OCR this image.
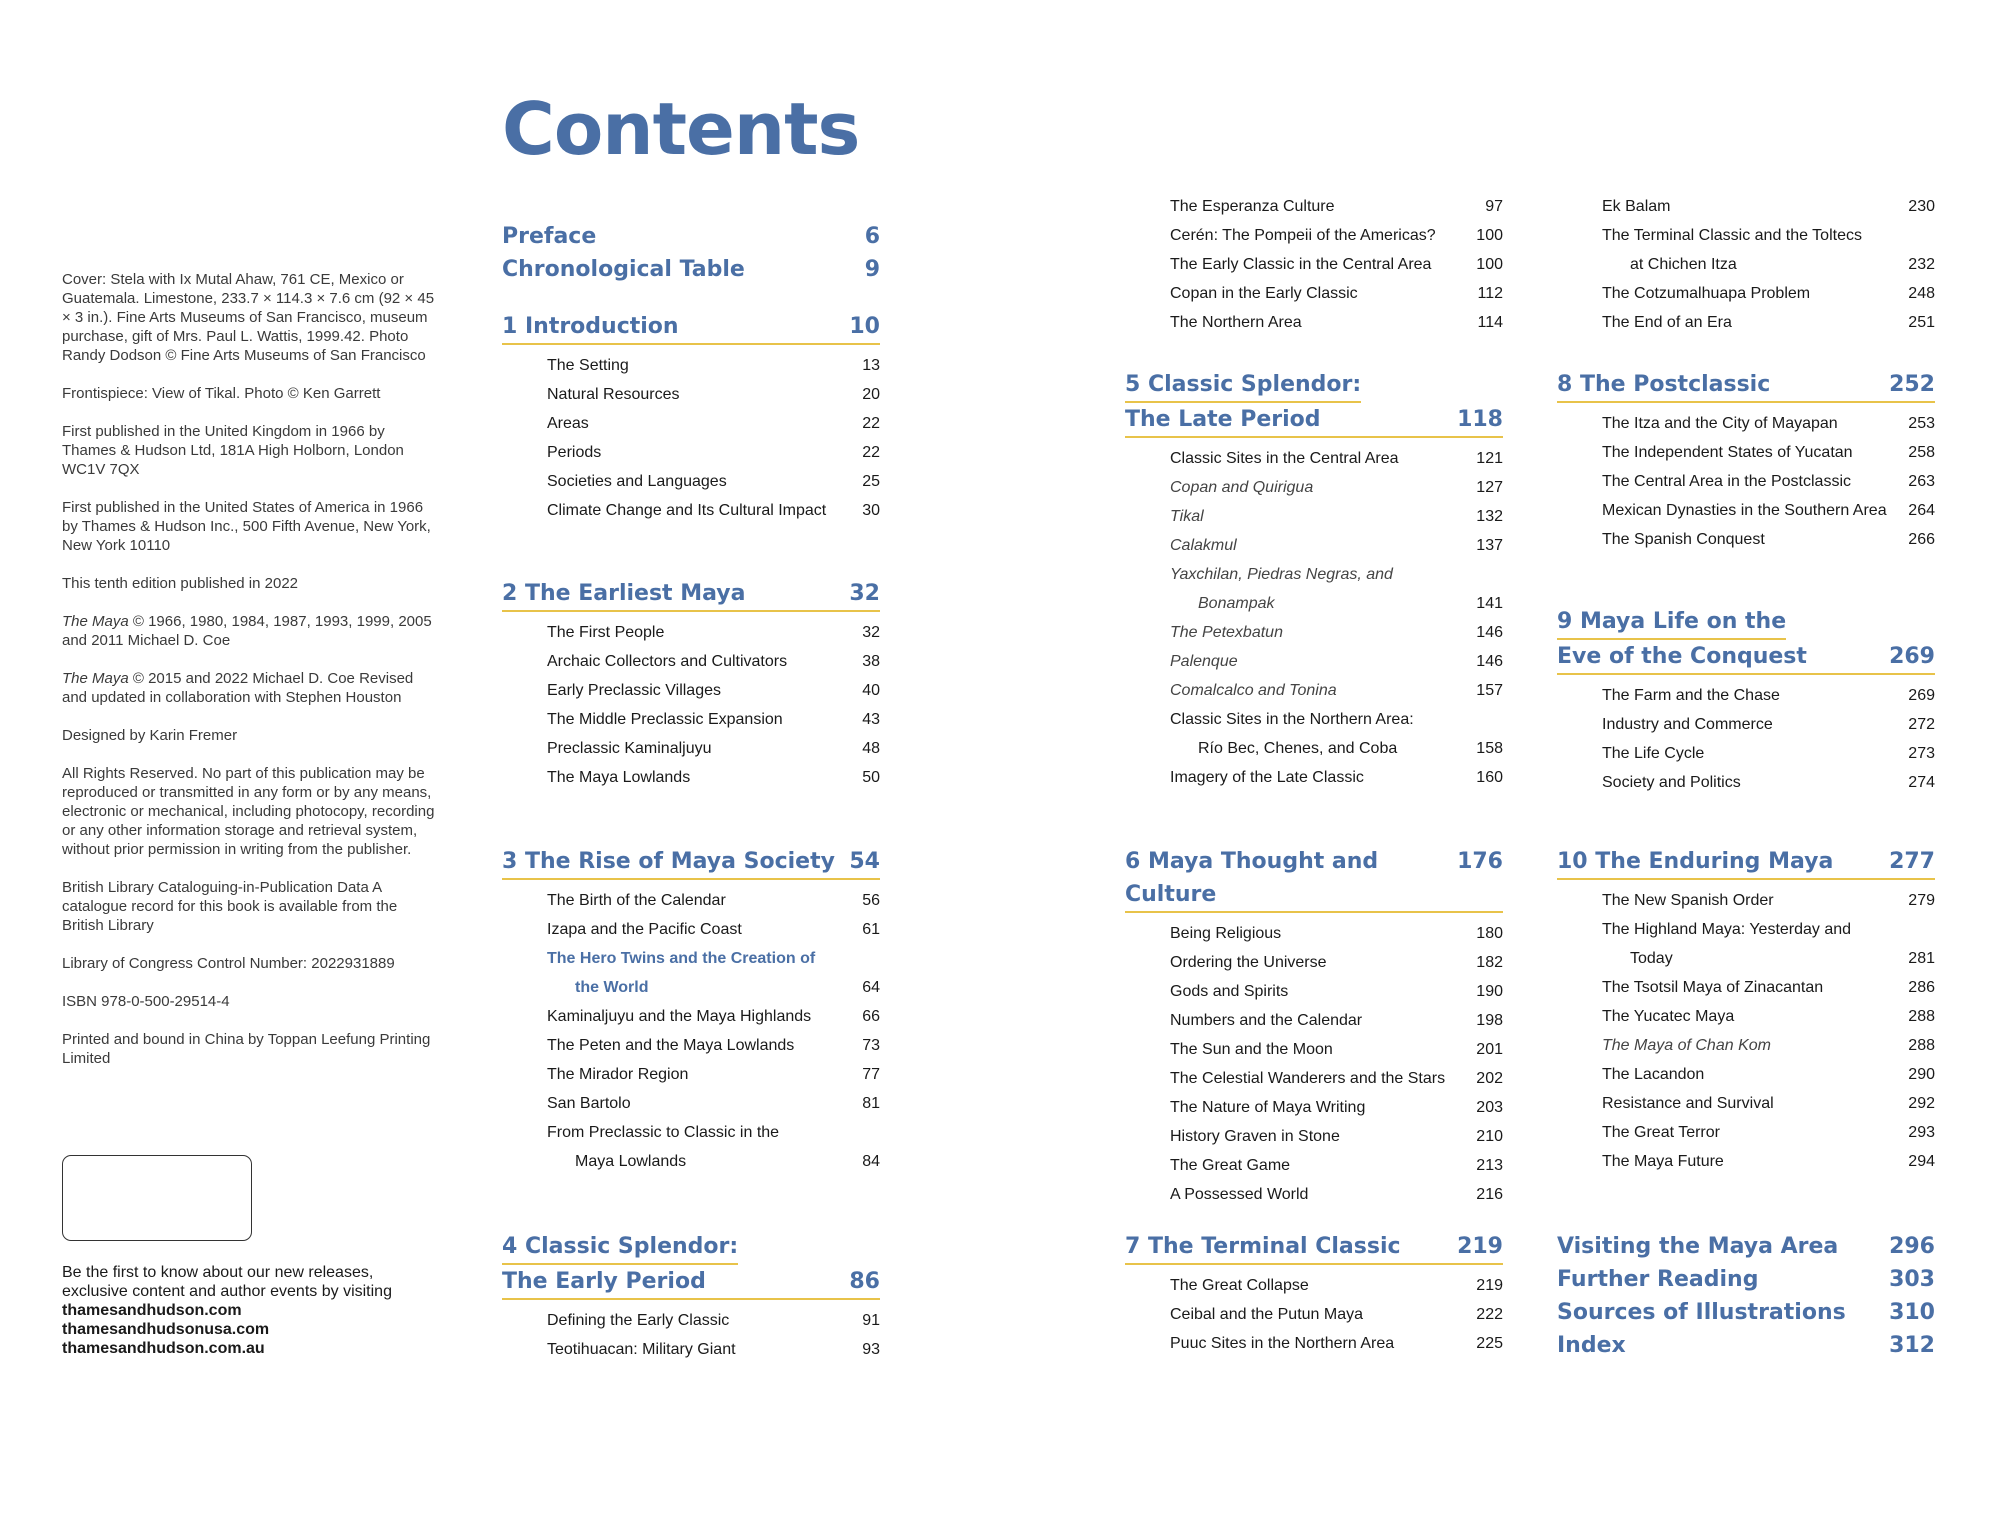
Cover: Stela with Ix Mutal Ahaw, 761 CE, Mexico or Guatemala. Limestone, 233.7 × 114.3 × 7.6 cm (92 × 45 × 3 in.). Fine Arts Museums of San Francisco, museum purchase, gift of Mrs. Paul L. Wattis, 1999.42. Photo Randy Dodson © Fine Arts Museums of San Francisco

Frontispiece: View of Tikal. Photo © Ken Garrett

First published in the United Kingdom in 1966 by Thames & Hudson Ltd, 181A High Holborn, London WC1V 7QX

First published in the United States of America in 1966 by Thames & Hudson Inc., 500 Fifth Avenue, New York, New York 10110

This tenth edition published in 2022

The Maya © 1966, 1980, 1984, 1987, 1993, 1999, 2005 and 2011 Michael D. Coe

The Maya © 2015 and 2022 Michael D. Coe Revised and updated in collaboration with Stephen Houston

Designed by Karin Fremer

All Rights Reserved. No part of this publication may be reproduced or transmitted in any form or by any means, electronic or mechanical, including photocopy, recording or any other information storage and retrieval system, without prior permission in writing from the publisher.

British Library Cataloguing-in-Publication Data A catalogue record for this book is available from the British Library

Library of Congress Control Number: 2022931889

ISBN 978-0-500-29514-4

Printed and bound in China by Toppan Leefung Printing Limited

Be the first to know about our new releases, exclusive content and author events by visiting
thamesandhudson.com
thamesandhudsonusa.com
thamesandhudson.com.au
Contents
Preface	6
Chronological Table	9
1 Introduction	10
The Setting	13
Natural Resources	20
Areas	22
Periods	22
Societies and Languages	25
Climate Change and Its Cultural Impact	30
2 The Earliest Maya	32
The First People	32
Archaic Collectors and Cultivators	38
Early Preclassic Villages	40
The Middle Preclassic Expansion	43
Preclassic Kaminaljuyu	48
The Maya Lowlands	50
3 The Rise of Maya Society 54
The Birth of the Calendar	56
Izapa and the Pacific Coast	61
The Hero Twins and the Creation of
the World	64
Kaminaljuyu and the Maya Highlands	66
The Peten and the Maya Lowlands	73
The Mirador Region	77
San Bartolo	81
From Preclassic to Classic in the
Maya Lowlands	84
4 Classic Splendor:

The Early Period	86
Defining the Early Classic	91
Teotihuacan: Military Giant	93
The Esperanza Culture	97
Cerén: The Pompeii of the Americas?	100
The Early Classic in the Central Area	100
Copan in the Early Classic	112
The Northern Area	114
5 Classic Splendor:

The Late Period	118
Classic Sites in the Central Area	121
Copan and Quirigua	127
Tikal	132
Calakmul	137
Yaxchilan, Piedras Negras, and
Bonampak	141
The Petexbatun	146
Palenque	146
Comalcalco and Tonina	157
Classic Sites in the Northern Area:
Río Bec, Chenes, and Coba	158
Imagery of the Late Classic	160
6 Maya Thought and Culture
176
Being Religious	180
Ordering the Universe	182
Gods and Spirits	190
Numbers and the Calendar	198
The Sun and the Moon	201
The Celestial Wanderers and the Stars	202
The Nature of Maya Writing	203
History Graven in Stone	210
The Great Game	213
A Possessed World	216
7 The Terminal Classic	219
The Great Collapse	219
Ceibal and the Putun Maya	222
Puuc Sites in the Northern Area	225
Ek Balam	230
The Terminal Classic and the Toltecs
at Chichen Itza	232
The Cotzumalhuapa Problem	248
The End of an Era	251
8 The Postclassic	252
The Itza and the City of Mayapan	253
The Independent States of Yucatan	258
The Central Area in the Postclassic	263
Mexican Dynasties in the Southern Area	264
The Spanish Conquest	266
9 Maya Life on the

Eve of the Conquest	269
The Farm and the Chase	269
Industry and Commerce	272
The Life Cycle	273
Society and Politics	274
10 The Enduring Maya	277
The New Spanish Order	279
The Highland Maya: Yesterday and
Today	281
The Tsotsil Maya of Zinacantan	286
The Yucatec Maya	288
The Maya of Chan Kom	288
The Lacandon	290
Resistance and Survival	292
The Great Terror	293
The Maya Future	294
Visiting the Maya Area 296
Further Reading	303
Sources of Illustrations 310
Index	312
